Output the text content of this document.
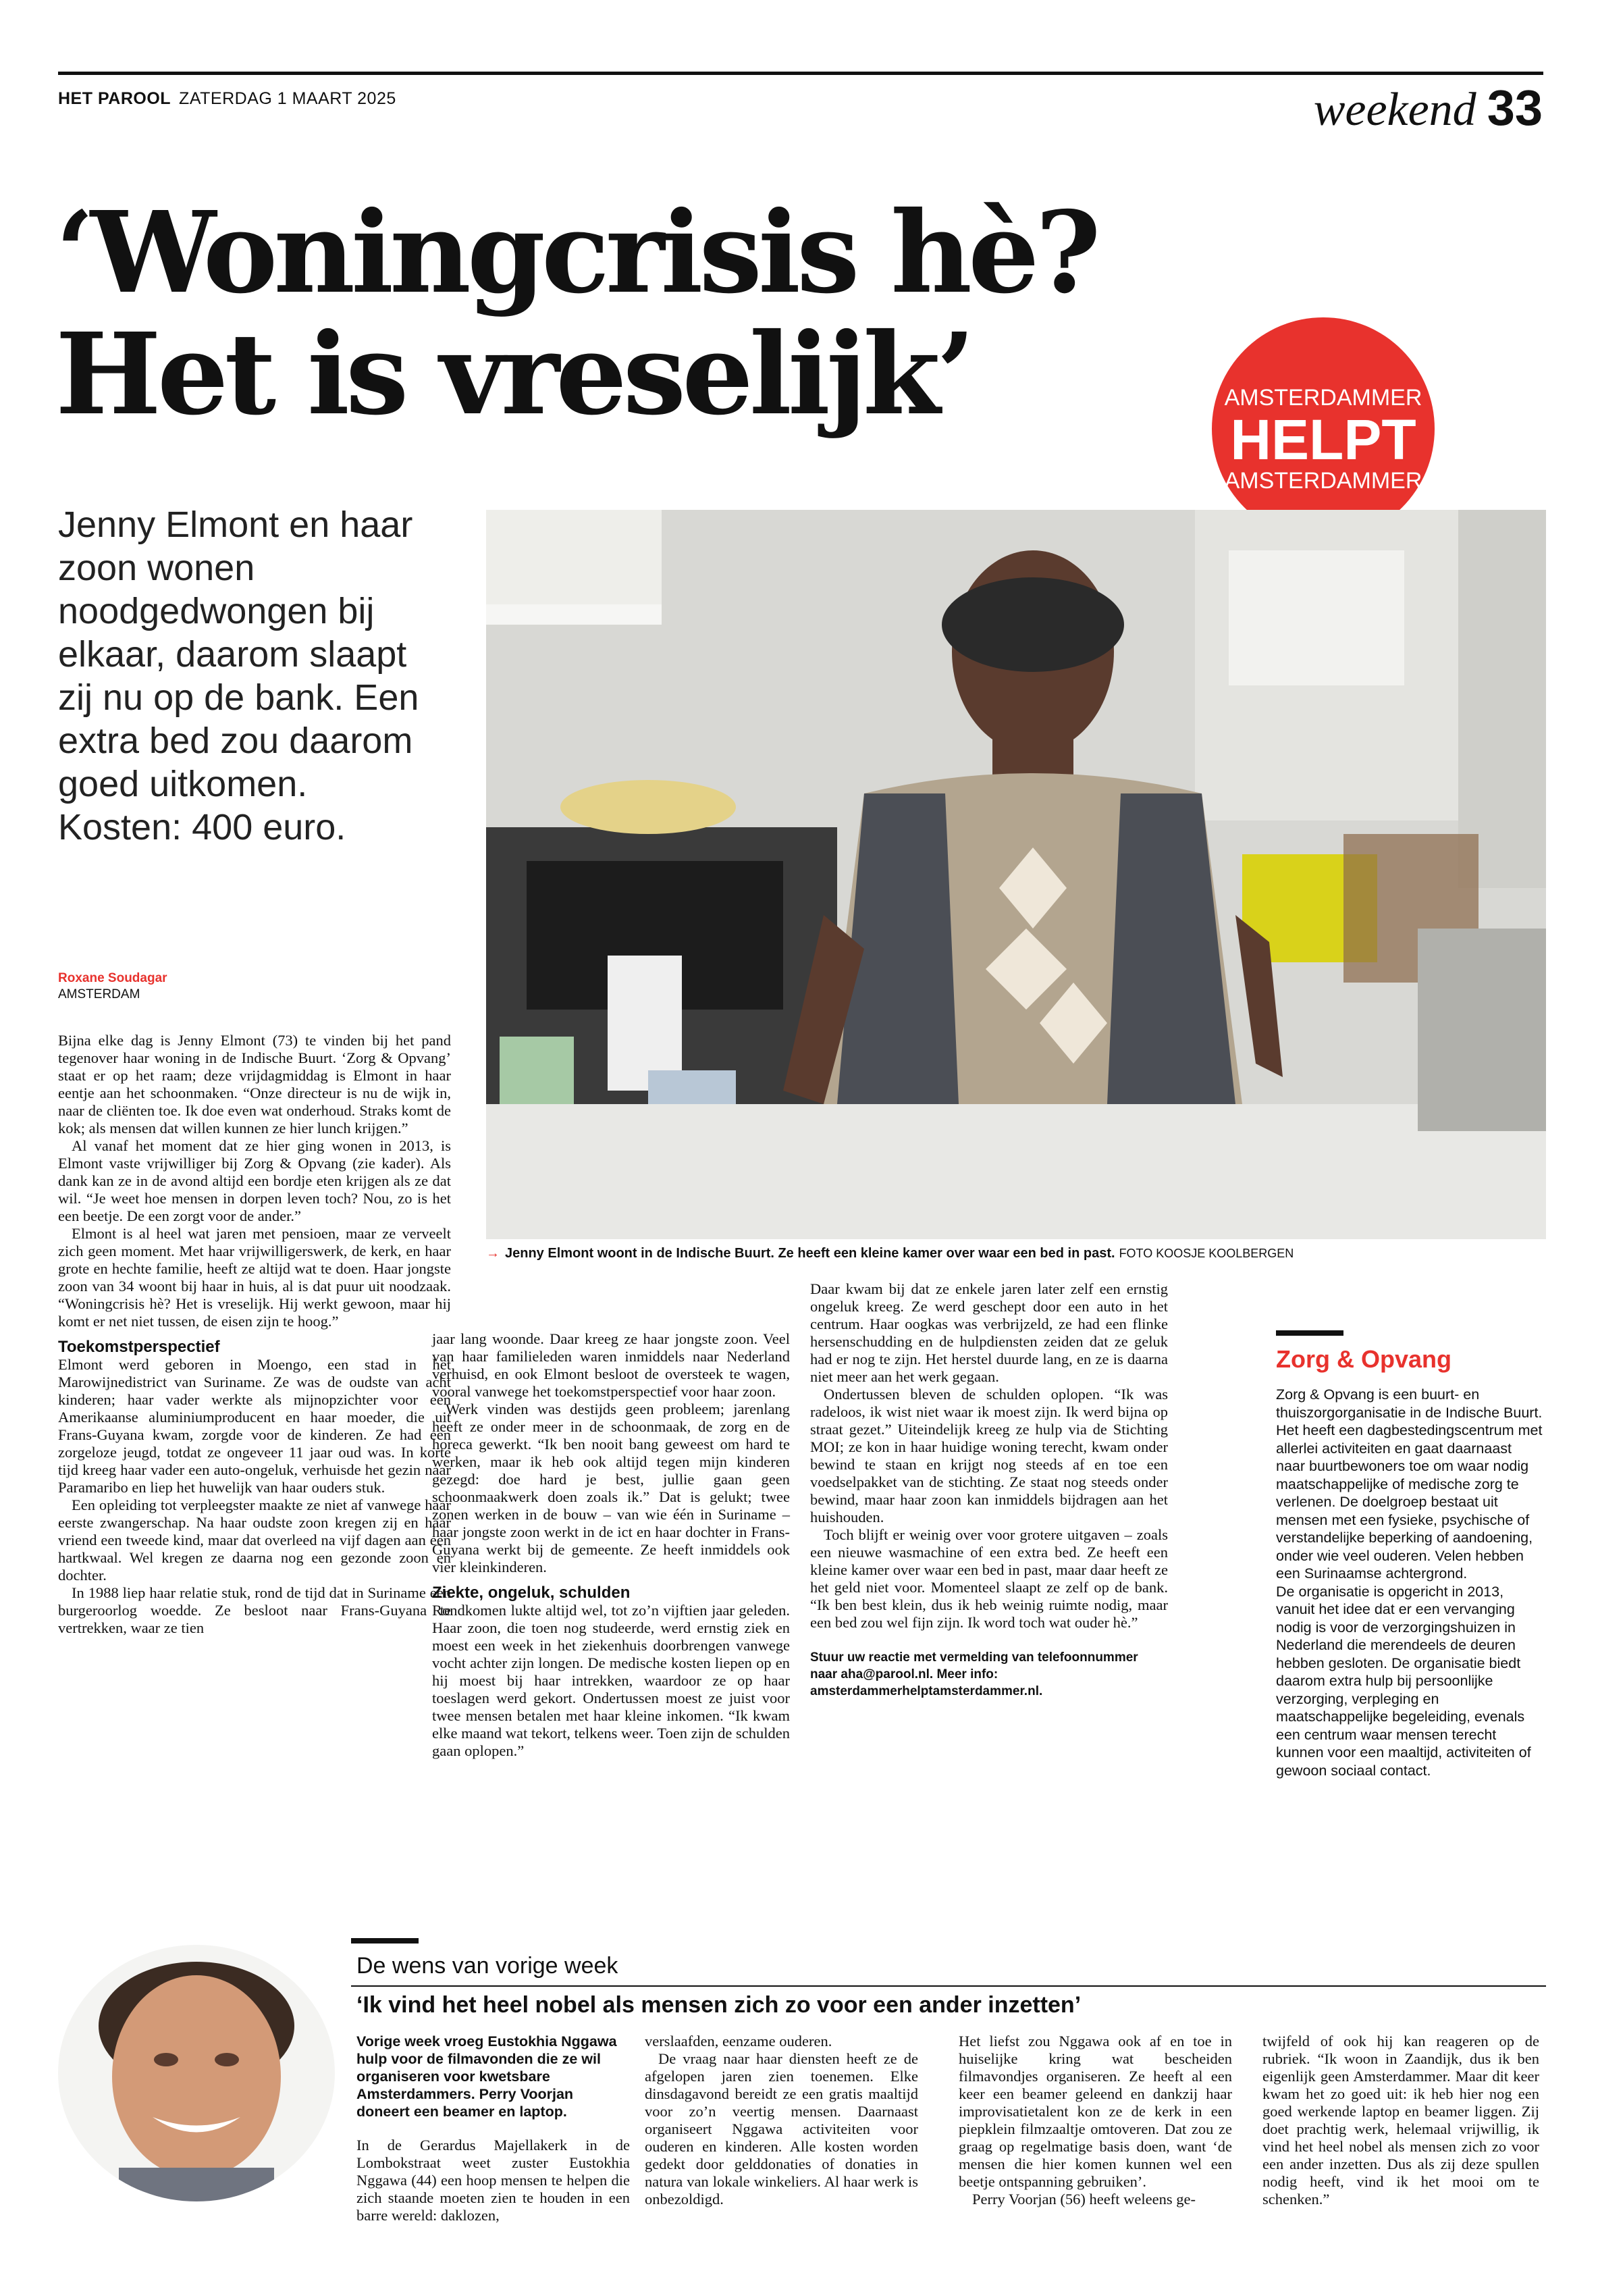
HET PAROOL ZATERDAG 1 MAART 2025	weekend 33
‘Woningcrisis hè?
Het is vreselijk’	AMSTERDAMMER
HELPT
AMSTERDAMMER
Jenny Elmont en haar zoon wonen noodgedwongen bij elkaar, daarom slaapt zij nu op de bank. Een extra bed zou daarom goed uitkomen. Kosten: 400 euro.
→ Jenny Elmont woont in de Indische Buurt. Ze heeft een kleine kamer over waar een bed in past. FOTO KOOSJE KOOLBERGEN
Roxane Soudagar
AMSTERDAM

Bijna elke dag is Jenny Elmont (73) te vinden bij het pand tegenover haar woning in de Indische Buurt. ‘Zorg & Opvang’ staat er op het raam; deze vrijdagmiddag is Elmont in haar eentje aan het schoonmaken. “Onze directeur is nu de wijk in, naar de cliënten toe. Ik doe even wat onderhoud. Straks komt de kok; als mensen dat willen kunnen ze hier lunch krijgen.”

Al vanaf het moment dat ze hier ging wonen in 2013, is Elmont vaste vrijwilliger bij Zorg & Opvang (zie kader). Als dank kan ze in de avond altijd een bordje eten krijgen als ze dat wil. “Je weet hoe mensen in dorpen leven toch? Nou, zo is het een beetje. De een zorgt voor de ander.”

Elmont is al heel wat jaren met pensioen, maar ze verveelt zich geen moment. Met haar vrijwilligerswerk, de kerk, en haar grote en hechte familie, heeft ze altijd wat te doen. Haar jongste zoon van 34 woont bij haar in huis, al is dat puur uit noodzaak. “Woningcrisis hè? Het is vreselijk. Hij werkt gewoon, maar hij komt er net niet tussen, de eisen zijn te hoog.”

Toekomstperspectief

Elmont werd geboren in Moengo, een stad in het Marowijnedistrict van Suriname. Ze was de oudste van acht kinderen; haar vader werkte als mijnopzichter voor een Amerikaanse aluminiumproducent en haar moeder, die uit Frans-Guyana kwam, zorgde voor de kinderen. Ze had een zorgeloze jeugd, totdat ze ongeveer 11 jaar oud was. In korte tijd kreeg haar vader een auto-ongeluk, verhuisde het gezin naar Paramaribo en liep het huwelijk van haar ouders stuk.

Een opleiding tot verpleegster maakte ze niet af vanwege haar eerste zwangerschap. Na haar oudste zoon kregen zij en haar vriend een tweede kind, maar dat overleed na vijf dagen aan een hartkwaal. Wel kregen ze daarna nog een gezonde zoon en dochter.

In 1988 liep haar relatie stuk, rond de tijd dat in Suriname een burgeroorlog woedde. Ze besloot naar Frans-Guyana te vertrekken, waar ze tien

jaar lang woonde. Daar kreeg ze haar jongste zoon. Veel van haar familieleden waren inmiddels naar Nederland verhuisd, en ook Elmont besloot de oversteek te wagen, vooral vanwege het toekomstperspectief voor haar zoon.

Werk vinden was destijds geen probleem; jarenlang heeft ze onder meer in de schoonmaak, de zorg en de horeca gewerkt. “Ik ben nooit bang geweest om hard te werken, maar ik heb ook altijd tegen mijn kinderen gezegd: doe hard je best, jullie gaan geen schoonmaakwerk doen zoals ik.” Dat is gelukt; twee zonen werken in de bouw – van wie één in Suriname – haar jongste zoon werkt in de ict en haar dochter in Frans-Guyana werkt bij de gemeente. Ze heeft inmiddels ook vier kleinkinderen.

Ziekte, ongeluk, schulden

Rondkomen lukte altijd wel, tot zo’n vijftien jaar geleden. Haar zoon, die toen nog studeerde, werd ernstig ziek en moest een week in het ziekenhuis doorbrengen vanwege vocht achter zijn longen. De medische kosten liepen op en hij moest bij haar intrekken, waardoor ze op haar toeslagen werd gekort. Ondertussen moest ze juist voor twee mensen betalen met haar kleine inkomen. “Ik kwam elke maand wat tekort, telkens weer. Toen zijn de schulden gaan oplopen.”

Daar kwam bij dat ze enkele jaren later zelf een ernstig ongeluk kreeg. Ze werd geschept door een auto in het centrum. Haar oogkas was verbrijzeld, ze had een flinke hersenschudding en de hulpdiensten zeiden dat ze geluk had er nog te zijn. Het herstel duurde lang, en ze is daarna niet meer aan het werk gegaan.

Ondertussen bleven de schulden oplopen. “Ik was radeloos, ik wist niet waar ik moest zijn. Ik werd bijna op straat gezet.” Uiteindelijk kreeg ze hulp via de Stichting MOI; ze kon in haar huidige woning terecht, kwam onder bewind te staan en krijgt nog steeds af en toe een voedselpakket van de stichting. Ze staat nog steeds onder bewind, maar haar zoon kan inmiddels bijdragen aan het huishouden.

Toch blijft er weinig over voor grotere uitgaven – zoals een nieuwe wasmachine of een extra bed. Ze heeft een kleine kamer over waar een bed in past, maar daar heeft ze het geld niet voor. Momenteel slaapt ze zelf op de bank. “Ik ben best klein, dus ik heb weinig ruimte nodig, maar een bed zou wel fijn zijn. Ik word toch wat ouder hè.”

Stuur uw reactie met vermelding van telefoonnummer naar aha@parool.nl. Meer info: amsterdammerhelptamsterdammer.nl.

Zorg & Opvang

Zorg & Opvang is een buurt- en thuiszorgorganisatie in de Indische Buurt. Het heeft een dagbestedingscentrum met allerlei activiteiten en gaat daarnaast naar buurtbewoners toe om waar nodig maatschappelijke of medische zorg te verlenen. De doelgroep bestaat uit mensen met een fysieke, psychische of verstandelijke beperking of aandoening, onder wie veel ouderen. Velen hebben een Surinaamse achtergrond.

De organisatie is opgericht in 2013, vanuit het idee dat er een vervanging nodig is voor de verzorgingshuizen in Nederland die merendeels de deuren hebben gesloten. De organisatie biedt daarom extra hulp bij persoonlijke verzorging, verpleging en maatschappelijke begeleiding, evenals een centrum waar mensen terecht kunnen voor een maaltijd, activiteiten of gewoon sociaal contact.

De wens van vorige week
‘Ik vind het heel nobel als mensen zich zo voor een ander inzetten’

Vorige week vroeg Eustokhia Nggawa hulp voor de filmavonden die ze wil organiseren voor kwetsbare Amsterdammers. Perry Voorjan doneert een beamer en laptop.

In de Gerardus Majellakerk in de Lombokstraat weet zuster Eustokhia Nggawa (44) een hoop mensen te helpen die zich staande moeten zien te houden in een barre wereld: daklozen,

verslaafden, eenzame ouderen.

De vraag naar haar diensten heeft ze de afgelopen jaren zien toenemen. Elke dinsdagavond bereidt ze een gratis maaltijd voor zo’n veertig mensen. Daarnaast organiseert Nggawa activiteiten voor ouderen en kinderen. Alle kosten worden gedekt door gelddonaties of donaties in natura van lokale winkeliers. Al haar werk is onbezoldigd.

Het liefst zou Nggawa ook af en toe in huiselijke kring wat bescheiden filmavondjes organiseren. Ze heeft al een keer een beamer geleend en dankzij haar improvisatietalent kon ze de kerk in een piepklein filmzaaltje omtoveren. Dat zou ze graag op regelmatige basis doen, want ‘de mensen die hier komen kunnen wel een beetje ontspanning gebruiken’.

Perry Voorjan (56) heeft weleens ge-

twijfeld of ook hij kan reageren op de rubriek. “Ik woon in Zaandijk, dus ik ben eigenlijk geen Amsterdammer. Maar dit keer kwam het zo goed uit: ik heb hier nog een goed werkende laptop en beamer liggen. Zij doet prachtig werk, helemaal vrijwillig, ik vind het heel nobel als mensen zich zo voor een ander inzetten. Dus als zij deze spullen nodig heeft, vind ik het mooi om te schenken.”
